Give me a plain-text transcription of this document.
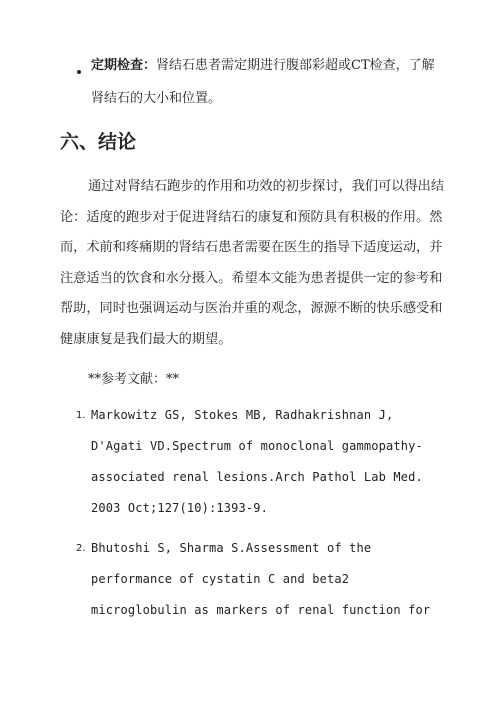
定期检查：肾结石患者需定期进行腹部彩超或CT检查，了解
肾结石的大小和位置。
六、结论
通过对肾结石跑步的作用和功效的初步探讨，我们可以得出结
论：适度的跑步对于促进肾结石的康复和预防具有积极的作用。然
而，术前和疼痛期的肾结石患者需要在医生的指导下适度运动，并
注意适当的饮食和水分摄入。希望本文能为患者提供一定的参考和
帮助，同时也强调运动与医治并重的观念，源源不断的快乐感受和
健康康复是我们最大的期望。
**参考文献：**
1. Markowitz GS, Stokes MB, Radhakrishnan J,
D'Agati VD.Spectrum of monoclonal gammopathy-
associated renal lesions.Arch Pathol Lab Med.
2003 Oct;127(10):1393-9.
2. Bhutoshi S, Sharma S.Assessment of the
performance of cystatin C and beta2
microglobulin as markers of renal function for
